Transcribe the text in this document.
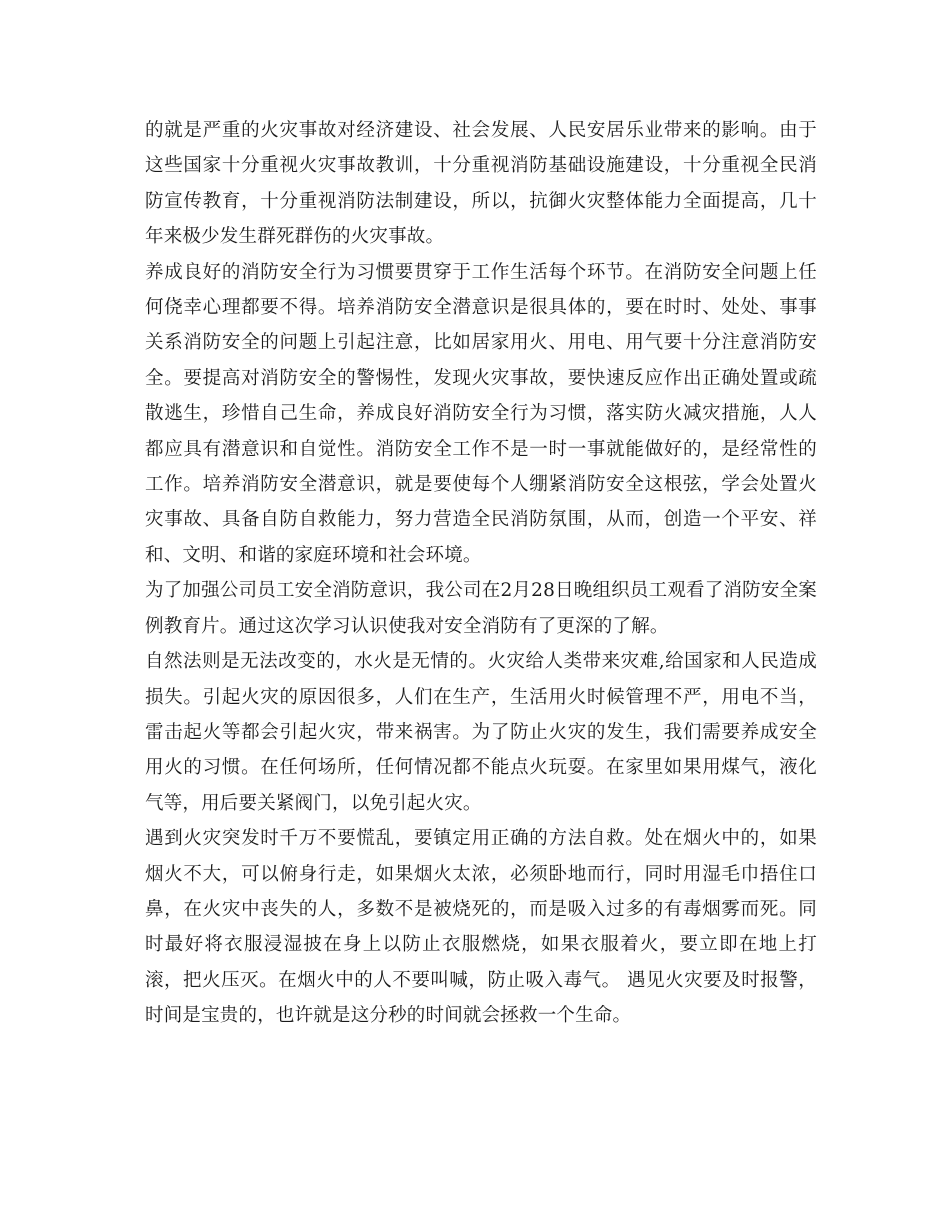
的就是严重的火灾事故对经济建设、社会发展、人民安居乐业带来的影响。由于这些国家十分重视火灾事故教训，十分重视消防基础设施建设，十分重视全民消防宣传教育，十分重视消防法制建设，所以，抗御火灾整体能力全面提高，几十年来极少发生群死群伤的火灾事故。

养成良好的消防安全行为习惯要贯穿于工作生活每个环节。在消防安全问题上任何侥幸心理都要不得。培养消防安全潜意识是很具体的，要在时时、处处、事事关系消防安全的问题上引起注意，比如居家用火、用电、用气要十分注意消防安全。要提高对消防安全的警惕性，发现火灾事故，要快速反应作出正确处置或疏散逃生，珍惜自己生命，养成良好消防安全行为习惯，落实防火减灾措施，人人都应具有潜意识和自觉性。消防安全工作不是一时一事就能做好的，是经常性的工作。培养消防安全潜意识，就是要使每个人绷紧消防安全这根弦，学会处置火灾事故、具备自防自救能力，努力营造全民消防氛围，从而，创造一个平安、祥和、文明、和谐的家庭环境和社会环境。

为了加强公司员工安全消防意识，我公司在2月28日晚组织员工观看了消防安全案例教育片。通过这次学习认识使我对安全消防有了更深的了解。

自然法则是无法改变的，水火是无情的。火灾给人类带来灾难,给国家和人民造成损失。引起火灾的原因很多，人们在生产，生活用火时候管理不严，用电不当，雷击起火等都会引起火灾，带来祸害。为了防止火灾的发生，我们需要养成安全用火的习惯。在任何场所，任何情况都不能点火玩耍。在家里如果用煤气，液化气等，用后要关紧阀门，以免引起火灾。

遇到火灾突发时千万不要慌乱，要镇定用正确的方法自救。处在烟火中的，如果烟火不大，可以俯身行走，如果烟火太浓，必须卧地而行，同时用湿毛巾捂住口鼻，在火灾中丧失的人，多数不是被烧死的，而是吸入过多的有毒烟雾而死。同时最好将衣服浸湿披在身上以防止衣服燃烧，如果衣服着火，要立即在地上打滚，把火压灭。在烟火中的人不要叫喊，防止吸入毒气。 遇见火灾要及时报警，时间是宝贵的，也许就是这分秒的时间就会拯救一个生命。
